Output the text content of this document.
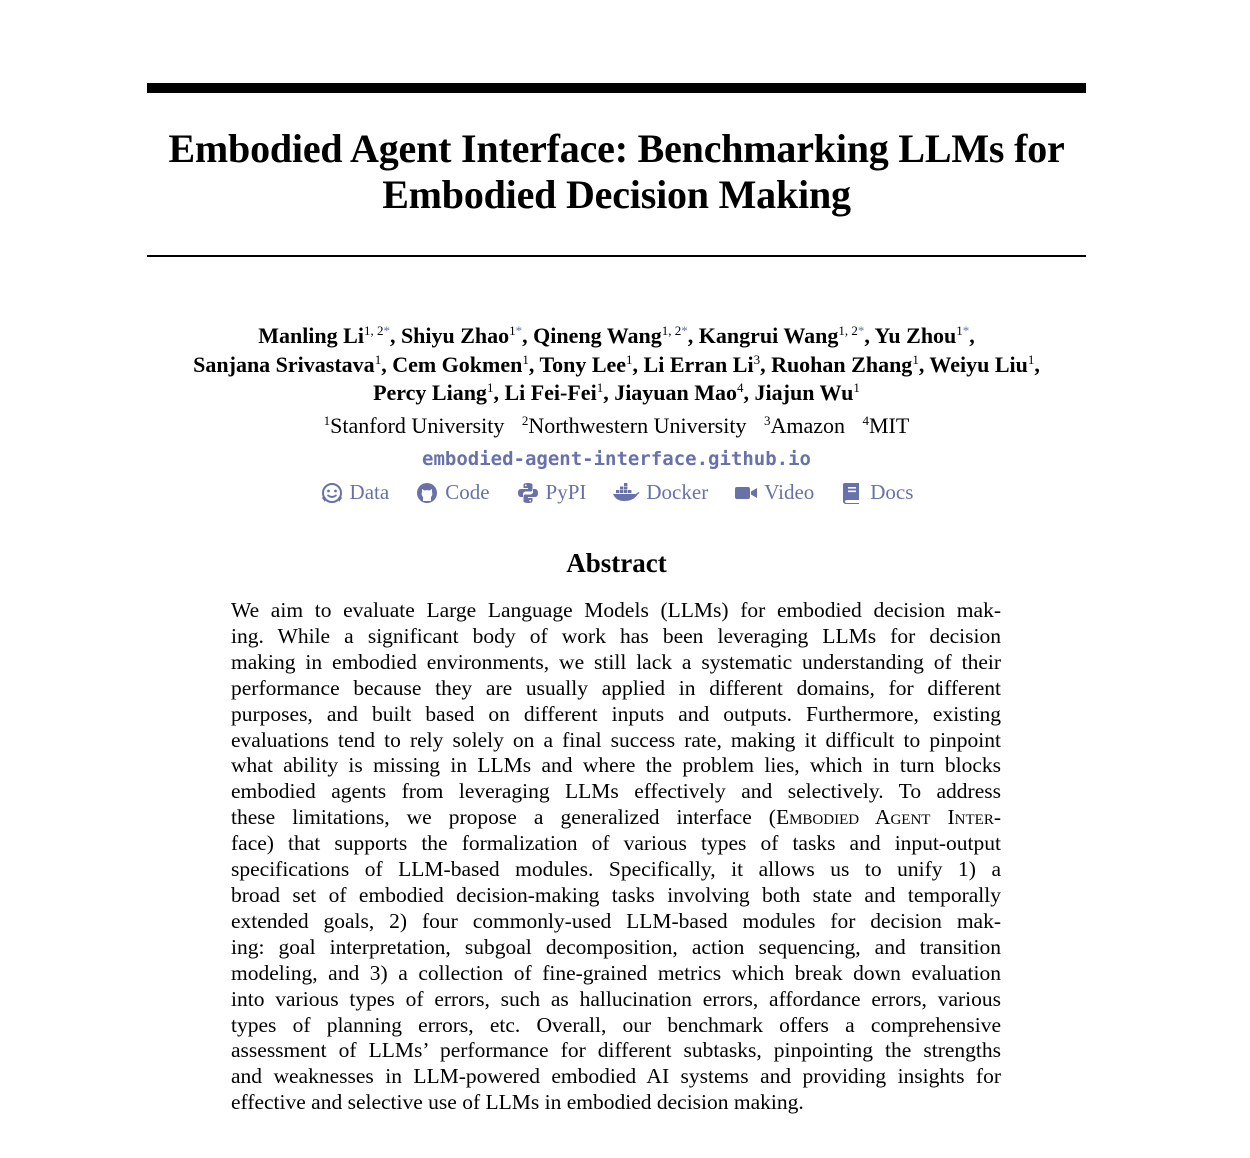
Embodied Agent Interface: Benchmarking LLMs for
Embodied Decision Making
Manling $Li^{1, 2*}$, Shiyu Zhao$^{1*}$, Qineng Wang$^{1, 2*}$, Kangrui Wang$^{1, 2*}$, Yu Zhou$^{1*}$,
Sanjana Srivastava$^1$, Cem Gokmen$^1$, Tony Lee$^1$, Li Erran Li$^3$, Ruohan Zhang$^1$, Weiyu Liu$^1$,
Percy Liang$^1$, Li Fei-Fei$^1$, Jiayuan Mao$^4$, Jiajun Wu$^1$
$^1$Stanford University $^2$Northwestern University $^3$Amazon $^4$MIT
embodied-agent-interface.github.io
Data	Code	PyPI	Docker	Video	Docs
Abstract
We aim to evaluate Large Language Models (LLMs) for embodied decision mak-
ing. While a significant body of work has been leveraging LLMs for decision
making in embodied environments, we still lack a systematic understanding of their
performance because they are usually applied in different domains, for different
purposes, and built based on different inputs and outputs. Furthermore, existing
evaluations tend to rely solely on a final success rate, making it difficult to pinpoint
what ability is missing in LLMs and where the problem lies, which in turn blocks
embodied agents from leveraging LLMs effectively and selectively. To address
these limitations, we propose a generalized interface (Embodied Agent Inter-
face) that supports the formalization of various types of tasks and input-output
specifications of LLM-based modules. Specifically, it allows us to unify 1) a
broad set of embodied decision-making tasks involving both state and temporally
extended goals, 2) four commonly-used LLM-based modules for decision mak-
ing: goal interpretation, subgoal decomposition, action sequencing, and transition
modeling, and 3) a collection of fine-grained metrics which break down evaluation
into various types of errors, such as hallucination errors, affordance errors, various
types of planning errors, etc. Overall, our benchmark offers a comprehensive
assessment of LLMs’ performance for different subtasks, pinpointing the strengths
and weaknesses in LLM-powered embodied AI systems and providing insights for
effective and selective use of LLMs in embodied decision making.
